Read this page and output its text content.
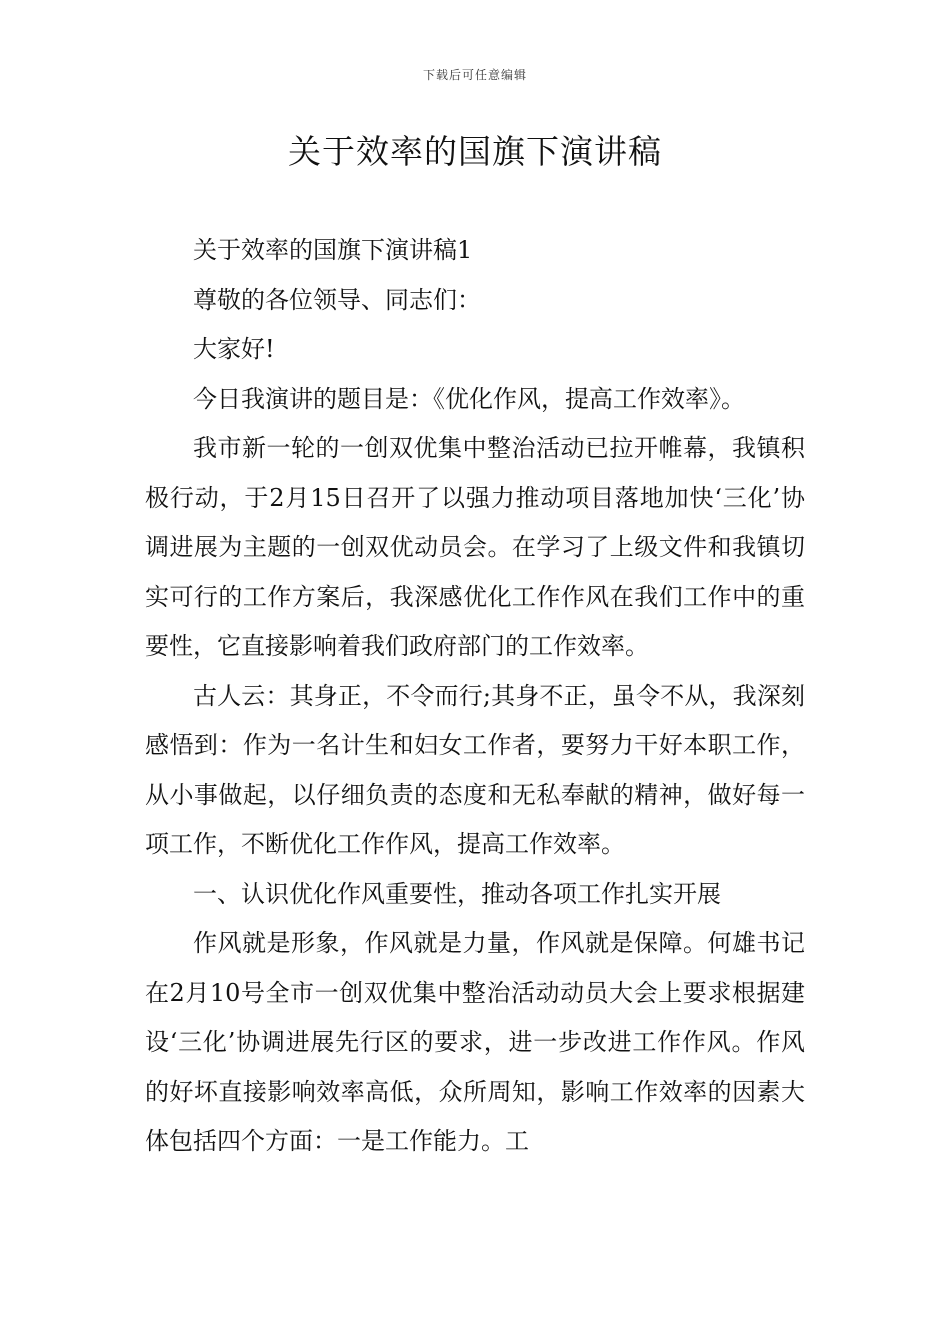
下载后可任意编辑
关于效率的国旗下演讲稿

关于效率的国旗下演讲稿1

尊敬的各位领导、同志们：

大家好!

今日我演讲的题目是：《优化作风，提高工作效率》。

我市新一轮的一创双优集中整治活动已拉开帷幕，我镇积极行动，于2月15日召开了以强力推动项目落地加快‘三化’协调进展为主题的一创双优动员会。在学习了上级文件和我镇切实可行的工作方案后，我深感优化工作作风在我们工作中的重要性，它直接影响着我们政府部门的工作效率。

古人云：其身正，不令而行;其身不正，虽令不从，我深刻感悟到：作为一名计生和妇女工作者，要努力干好本职工作，从小事做起，以仔细负责的态度和无私奉献的精神，做好每一项工作，不断优化工作作风，提高工作效率。

一、认识优化作风重要性，推动各项工作扎实开展

作风就是形象，作风就是力量，作风就是保障。何雄书记在2月10号全市一创双优集中整治活动动员大会上要求根据建设‘三化’协调进展先行区的要求，进一步改进工作作风。作风的好坏直接影响效率高低，众所周知，影响工作效率的因素大体包括四个方面：一是工作能力。工
